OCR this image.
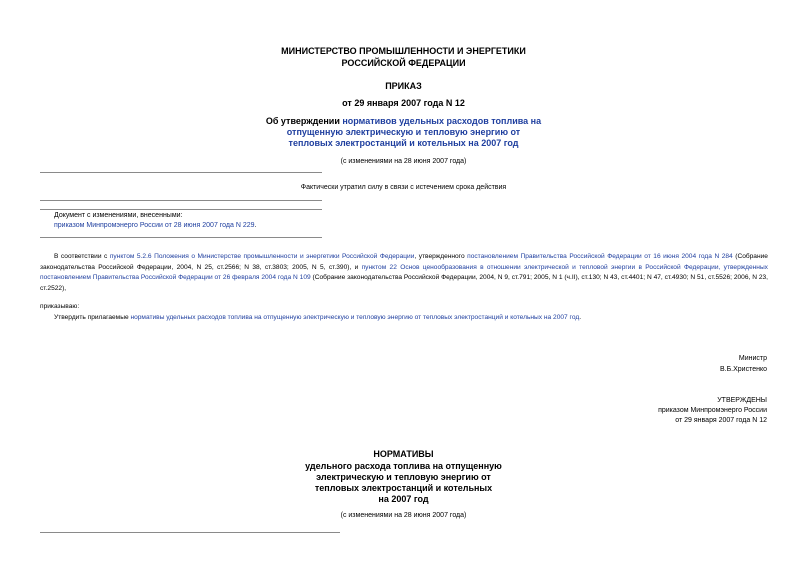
МИНИСТЕРСТВО ПРОМЫШЛЕННОСТИ И ЭНЕРГЕТИКИ
РОССИЙСКОЙ ФЕДЕРАЦИИ
ПРИКАЗ
от 29 января 2007 года N 12
Об утверждении нормативов удельных расходов топлива на
отпущенную электрическую и тепловую энергию от
тепловых электростанций и котельных на 2007 год
(с изменениями на 28 июня 2007 года)
Фактически утратил силу в связи с истечением срока действия
Документ с изменениями, внесенными:
приказом Минпромэнерго России от 28 июня 2007 года N 229.
В соответствии с пунктом 5.2.6 Положения о Министерстве промышленности и энергетики Российской Федерации, утвержденного постановлением Правительства Российской Федерации от 16 июня 2004 года N 284 (Собрание законодательства Российской Федерации, 2004, N 25, ст.2566; N 38, ст.3803; 2005, N 5, ст.390), и пунктом 22 Основ ценообразования в отношении электрической и тепловой энергии в Российской Федерации, утвержденных постановлением Правительства Российской Федерации от 26 февраля 2004 года N 109 (Собрание законодательства Российской Федерации, 2004, N 9, ст.791; 2005, N 1 (ч.II), ст.130; N 43, ст.4401; N 47, ст.4930; N 51, ст.5526; 2006, N 23, ст.2522),
приказываю:
Утвердить прилагаемые нормативы удельных расходов топлива на отпущенную электрическую и тепловую энергию от тепловых электростанций и котельных на 2007 год.
Министр
В.Б.Христенко
УТВЕРЖДЕНЫ
приказом Минпромэнерго России
от 29 января 2007 года N 12
НОРМАТИВЫ
удельного расхода топлива на отпущенную
электрическую и тепловую энергию от
тепловых электростанций и котельных
на 2007 год
(с изменениями на 28 июня 2007 года)
